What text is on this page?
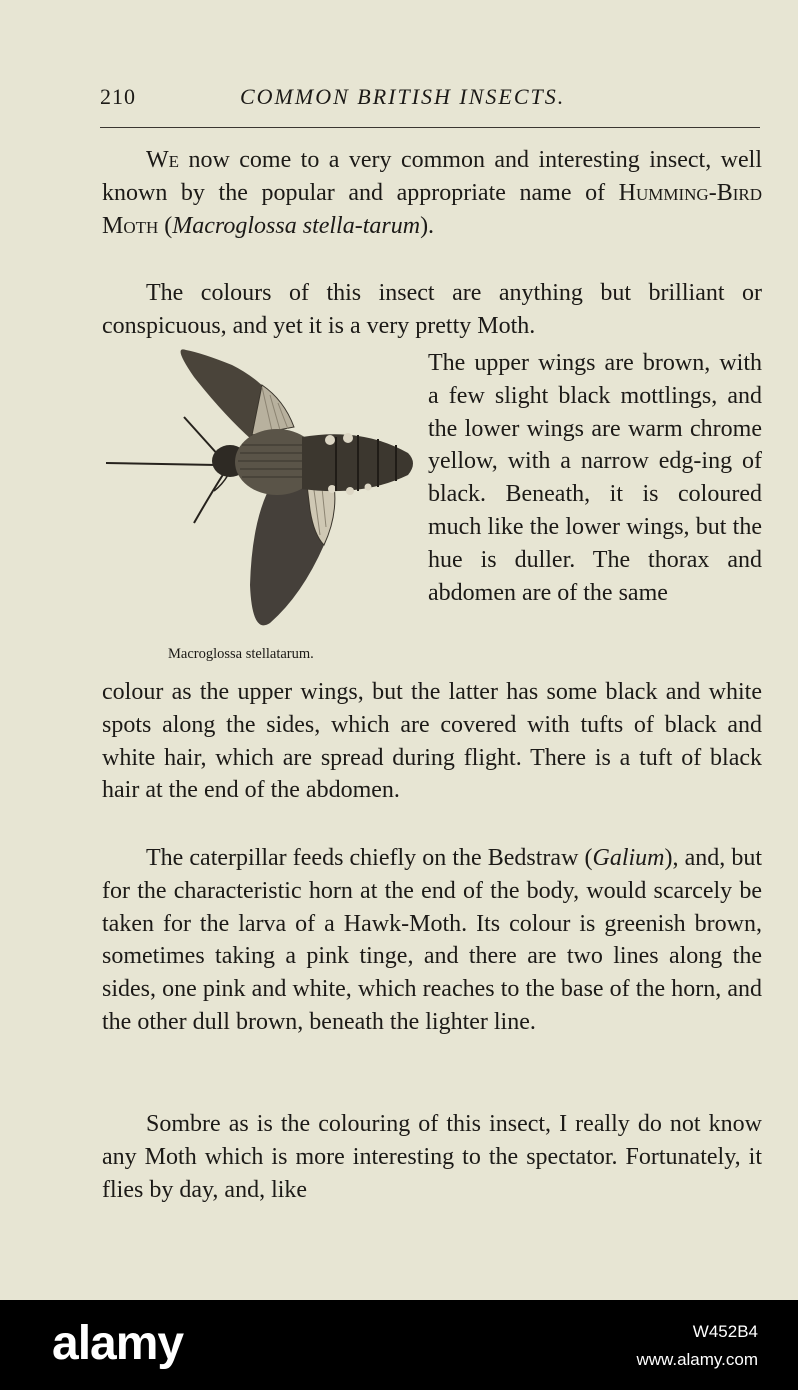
210	COMMON BRITISH INSECTS.

We now come to a very common and interesting insect, well known by the popular and appropriate name of Humming-Bird Moth (Macroglossa stella-tarum).

The colours of this insect are anything but brilliant or conspicuous, and yet it is a very pretty Moth.

Macroglossa stellatarum.

The upper wings are brown, with a few slight black mottlings, and the lower wings are warm chrome yellow, with a narrow edg-ing of black. Beneath, it is coloured much like the lower wings, but the hue is duller. The thorax and abdomen are of the same

colour as the upper wings, but the latter has some black and white spots along the sides, which are covered with tufts of black and white hair, which are spread during flight. There is a tuft of black hair at the end of the abdomen.

The caterpillar feeds chiefly on the Bedstraw (Galium), and, but for the characteristic horn at the end of the body, would scarcely be taken for the larva of a Hawk-Moth. Its colour is greenish brown, sometimes taking a pink tinge, and there are two lines along the sides, one pink and white, which reaches to the base of the horn, and the other dull brown, beneath the lighter line.

Sombre as is the colouring of this insect, I really do not know any Moth which is more interesting to the spectator. Fortunately, it flies by day, and, like

alamy	W452B4
www.alamy.com
